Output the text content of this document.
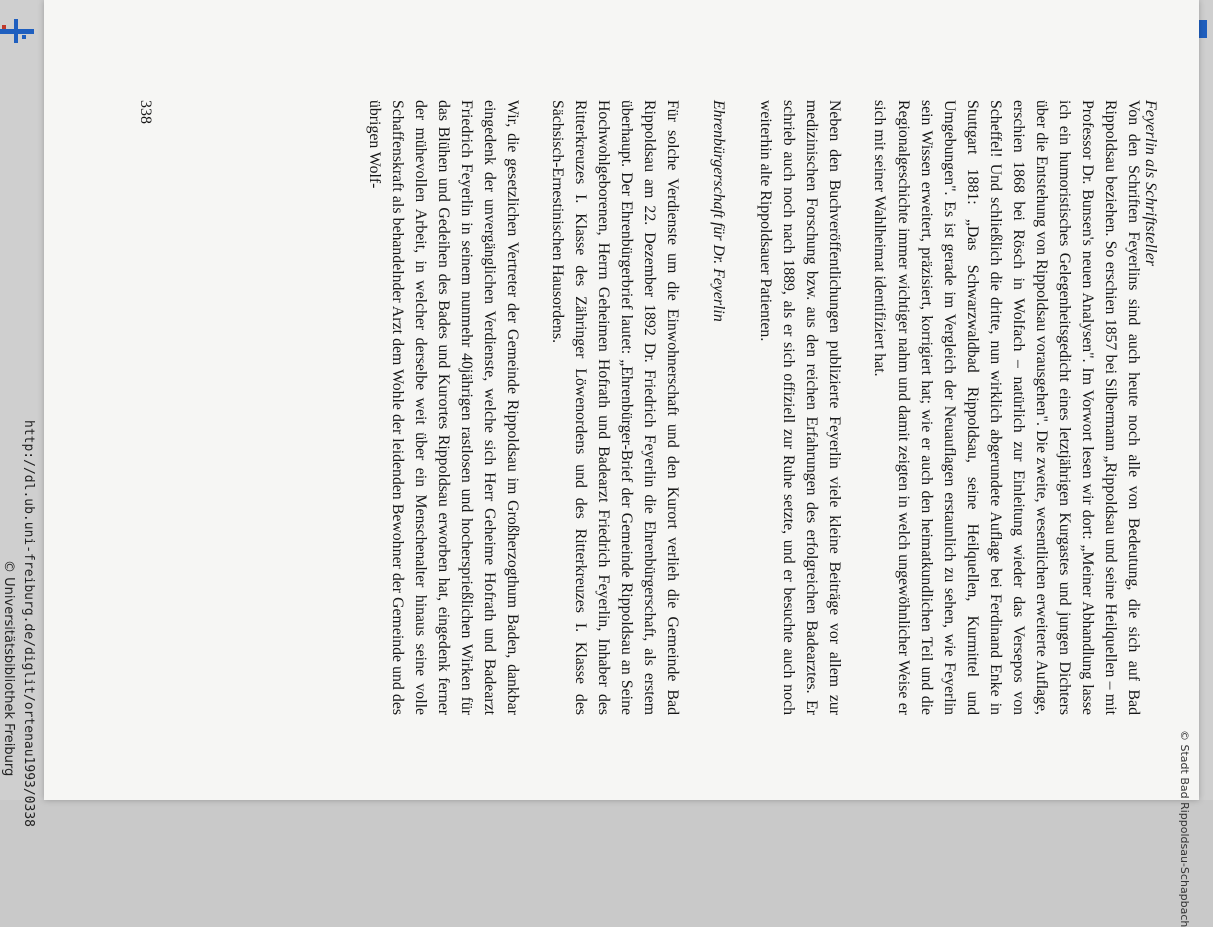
Feyerlin als Schriftsteller

Von den Schriften Feyerlins sind auch heute noch alle von Bedeutung, die sich auf Bad Rippoldsau beziehen. So erschien 1857 bei Silbermann „Rippoldsau und seine Heilquellen – mit Professor Dr. Bunsen's neuen Analysen". Im Vorwort lesen wir dort: „Meiner Abhandlung lasse ich ein humoristisches Gelegenheitsgedicht eines letztjährigen Kurgastes und jungen Dichters über die Entstehung von Rippoldsau vorausgehen". Die zweite, wesentlichen erweiterte Auflage, erschien 1868 bei Rösch in Wolfach – natürlich zur Einleitung wieder das Versepos von Scheffel! Und schließlich die dritte, nun wirklich abgerundete Auflage bei Ferdinand Enke in Stuttgart 1881: „Das Schwarzwaldbad Rippoldsau, seine Heilquellen, Kurmittel und Umgebungen". Es ist gerade im Vergleich der Neuauflagen erstaunlich zu sehen, wie Feyerlin sein Wissen erweitert, präzisiert, korrigiert hat; wie er auch den heimatkundlichen Teil und die Regionalgeschichte immer wichtiger nahm und damit zeigten in welch ungewöhnlicher Weise er sich mit seiner Wahlheimat identifiziert hat.

Neben den Buchveröffentlichungen publizierte Feyerlin viele kleine Beiträge vor allem zur medizinischen Forschung bzw. aus den reichen Erfahrungen des erfolgreichen Badearztes. Er schrieb auch noch nach 1889, als er sich offiziell zur Ruhe setzte, und er besuchte auch noch weiterhin alte Rippoldsauer Patienten.

Ehrenbürgerschaft für Dr. Feyerlin

Für solche Verdienste um die Einwohnerschaft und den Kurort verlieh die Gemeinde Bad Rippoldsau am 22. Dezember 1892 Dr. Friedrich Feyerlin die Ehrenbürgerschaft, als erstem überhaupt. Der Ehrenbürgerbrief lautet: „Ehrenbürger-Brief der Gemeinde Rippoldsau an Seine Hochwohlgeborenen, Herrn Geheimen Hofrath und Badearzt Friedrich Feyerlin, Inhaber des Ritterkreuzes I. Klasse des Zähringer Löwenordens und des Ritterkreuzes I. Klasse des Sächsisch-Ernestinischen Hausordens.

Wir, die gesetzlichen Vertreter der Gemeinde Rippoldsau im Großherzogthum Baden, dankbar eingedenk der unvergänglichen Verdienste, welche sich Herr Geheime Hofrath und Badearzt Friedrich Feyerlin in seinem nunmehr 40jährigen rastlosen und hochersprießlichen Wirken für das Blühen und Gedeihen des Bades und Kurortes Rippoldsau erworben hat, eingedenk ferner der mühevollen Arbeit, in welcher derselbe weit über ein Menschenalter hinaus seine volle Schaffenskraft als behandelnder Arzt dem Wohle der leidenden Bewohner der Gemeinde und des übrigen Wolf-

338
© Stadt Bad Rippoldsau-Schapbach
http://dl.ub.uni-freiburg.de/diglit/ortenau1993/0338
© Universitätsbibliothek Freiburg
